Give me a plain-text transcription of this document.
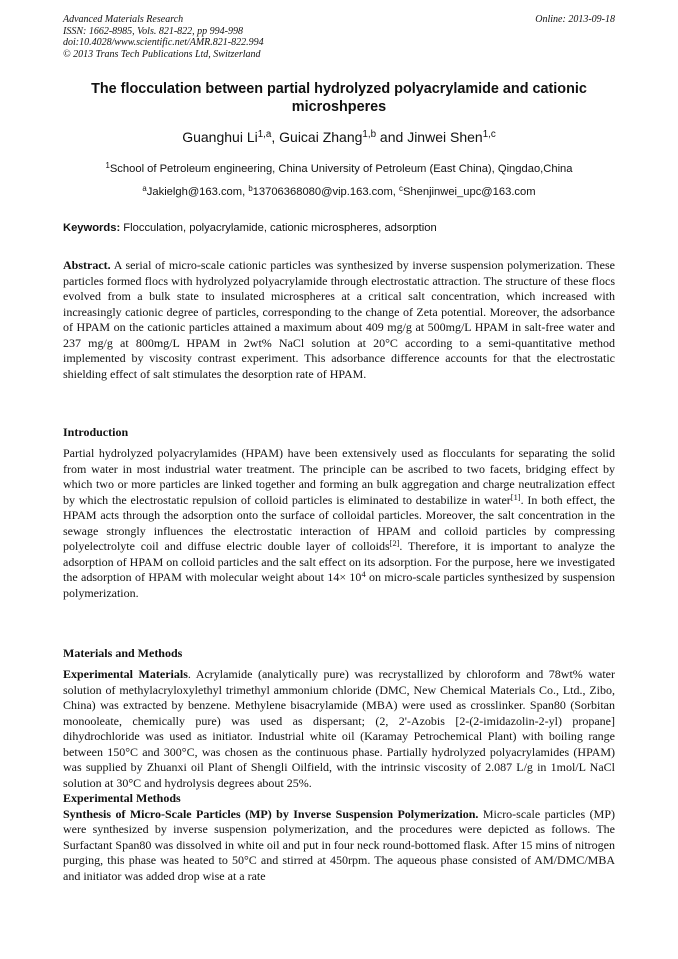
Advanced Materials Research
ISSN: 1662-8985, Vols. 821-822, pp 994-998
doi:10.4028/www.scientific.net/AMR.821-822.994
© 2013 Trans Tech Publications Ltd, Switzerland
Online: 2013-09-18
The flocculation between partial hydrolyzed polyacrylamide and cationic microshperes
Guanghui Li$^{1,a}$, Guicai Zhang$^{1,b}$ and Jinwei Shen$^{1,c}$
$^1$School of Petroleum engineering, China University of Petroleum (East China), Qingdao,China
$^a$Jakielgh@163.com, $^b$13706368080@vip.163.com, $^c$Shenjinwei_upc@163.com
Keywords: Flocculation, polyacrylamide, cationic microspheres, adsorption

Abstract. A serial of micro-scale cationic particles was synthesized by inverse suspension polymerization. These particles formed flocs with hydrolyzed polyacrylamide through electrostatic attraction. The structure of these flocs evolved from a bulk state to insulated microspheres at a critical salt concentration, which increased with increasingly cationic degree of particles, corresponding to the change of Zeta potential. Moreover, the adsorbance of HPAM on the cationic particles attained a maximum about 409 mg/g at 500mg/L HPAM in salt-free water and 237 mg/g at 800mg/L HPAM in 2wt% NaCl solution at 20°C according to a semi-quantitative method implemented by viscosity contrast experiment. This adsorbance difference accounts for that the electrostatic shielding effect of salt stimulates the desorption rate of HPAM.

Introduction

Partial hydrolyzed polyacrylamides (HPAM) have been extensively used as flocculants for separating the solid from water in most industrial water treatment. The principle can be ascribed to two facets, bridging effect by which two or more particles are linked together and forming an bulk aggregation and charge neutralization effect by which the electrostatic repulsion of colloid particles is eliminated to destabilize in water[1]. In both effect, the HPAM acts through the adsorption onto the surface of colloidal particles. Moreover, the salt concentration in the sewage strongly influences the electrostatic interaction of HPAM and colloid particles by compressing polyelectrolyte coil and diffuse electric double layer of colloids[2]. Therefore, it is important to analyze the adsorption of HPAM on colloid particles and the salt effect on its adsorption. For the purpose, here we investigated the adsorption of HPAM with molecular weight about $14\times 10^4$ on micro-scale particles synthesized by suspension polymerization.

Materials and Methods

Experimental Materials. Acrylamide (analytically pure) was recrystallized by chloroform and 78wt% water solution of methylacryloxylethyl trimethyl ammonium chloride (DMC, New Chemical Materials Co., Ltd., Zibo, China) was extracted by benzene. Methylene bisacrylamide (MBA) were used as crosslinker. Span80 (Sorbitan monooleate, chemically pure) was used as dispersant; (2, 2'-Azobis [2-(2-imidazolin-2-yl) propane] dihydrochloride was used as initiator. Industrial white oil (Karamay Petrochemical Plant) with boiling range between 150°C and 300°C, was chosen as the continuous phase. Partially hydrolyzed polyacrylamides (HPAM) was supplied by Zhuanxi oil Plant of Shengli Oilfield, with the intrinsic viscosity of 2.087 L/g in 1mol/L NaCl solution at 30°C and hydrolysis degrees about 25%.

Experimental Methods

Synthesis of Micro-Scale Particles (MP) by Inverse Suspension Polymerization. Micro-scale particles (MP) were synthesized by inverse suspension polymerization, and the procedures were depicted as follows. The Surfactant Span80 was dissolved in white oil and put in four neck round-bottomed flask. After 15 mins of nitrogen purging, this phase was heated to 50°C and stirred at 450rpm. The aqueous phase consisted of AM/DMC/MBA and initiator was added drop wise at a rate
